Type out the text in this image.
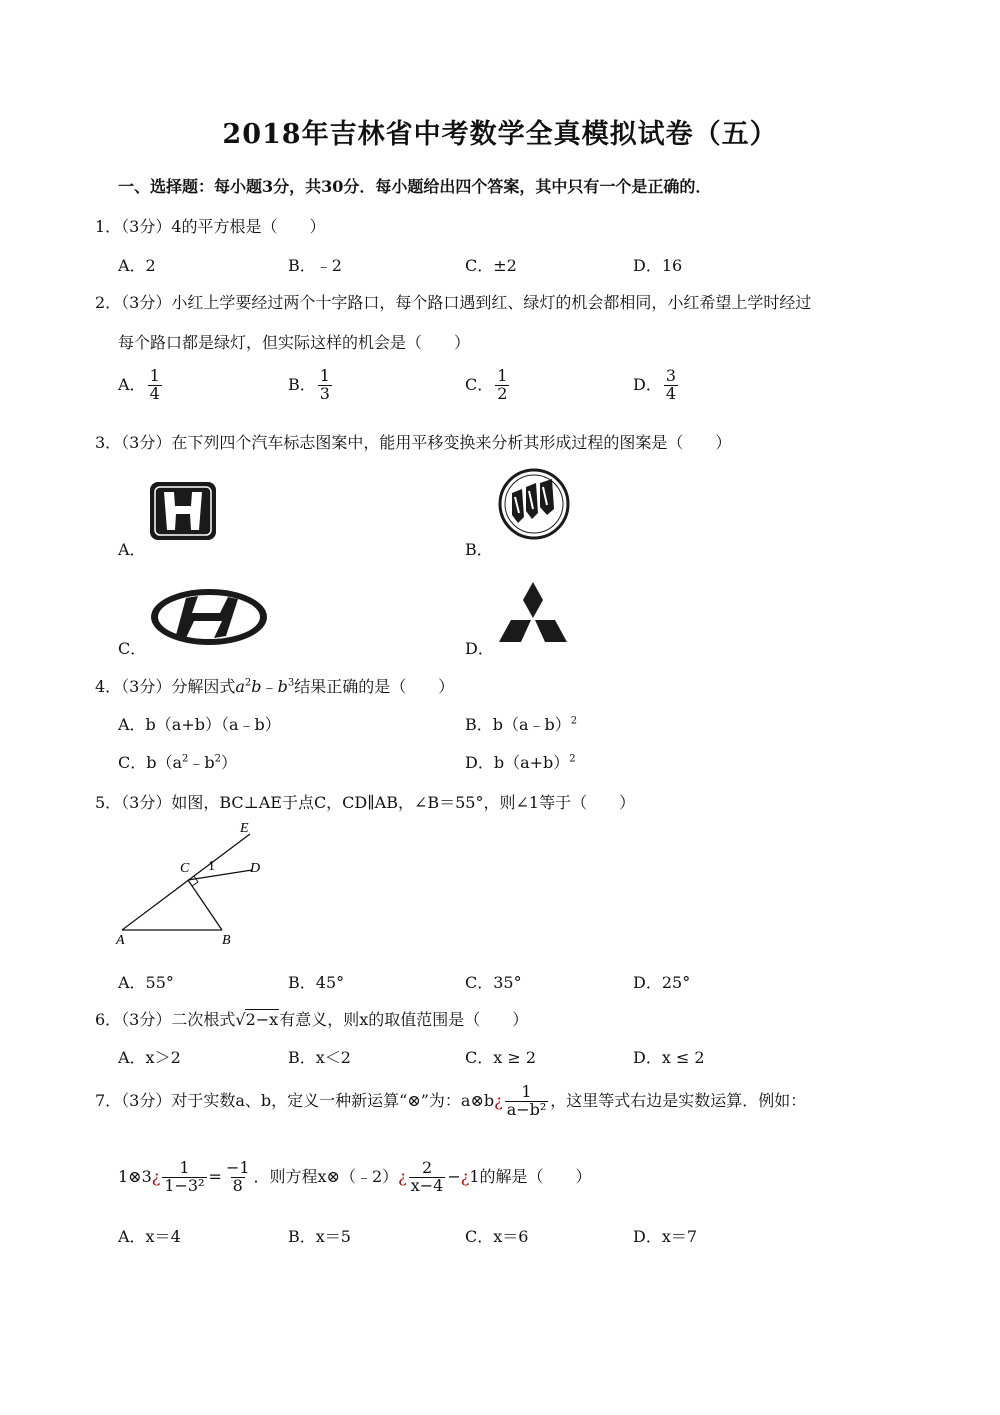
2018年吉林省中考数学全真模拟试卷（五）
一、选择题：每小题3分，共30分．每小题给出四个答案，其中只有一个是正确的．
1．（3分）4的平方根是（　　）
A．2	B．﹣2	C．±2	D．16
2．（3分）小红上学要经过两个十字路口，每个路口遇到红、绿灯的机会都相同，小红希望上学时经过
每个路口都是绿灯，但实际这样的机会是（　　）
A． $\frac{1}{4}$	B． $\frac{1}{3}$	C． $\frac{1}{2}$	D． $\frac{3}{4}$
3．（3分）在下列四个汽车标志图案中，能用平移变换来分析其形成过程的图案是（　　）
A．	B．
C．	D．
4．（3分）分解因式$a^2b﹣b^3$结果正确的是（　　）
A．b（a+b）（a﹣b）	B．b（a﹣b）$^2$
C．$b(a^2﹣b^2)$	D．$b(a+b)^2$
5．（3分）如图，BC⊥AE于点C，CD∥AB，∠B＝55°，则∠1等于（　　）
E
C 1	D
A	B
A．55°	B．45°	C．35°	D．25°
6．（3分）二次根式√2−x有意义，则x的取值范围是（　　）
A．x＞2	B．x＜2	C．x ≥ 2	D．x ≤ 2
7．（3分）对于实数a、b，定义一种新运算“⊗”为：a⊗b¿ $\frac{1}{\text{a−b²}}$ ，这里等式右边是实数运算．例如：
1⊗3¿ $\frac{1}{\text{1−3²}} = \frac{-1}{8}$ ．则方程x⊗（﹣2）¿ $\frac{2}{x-4}$ −¿1的解是（　　）
A．x＝4	B．x＝5	C．x＝6	D．x＝7
